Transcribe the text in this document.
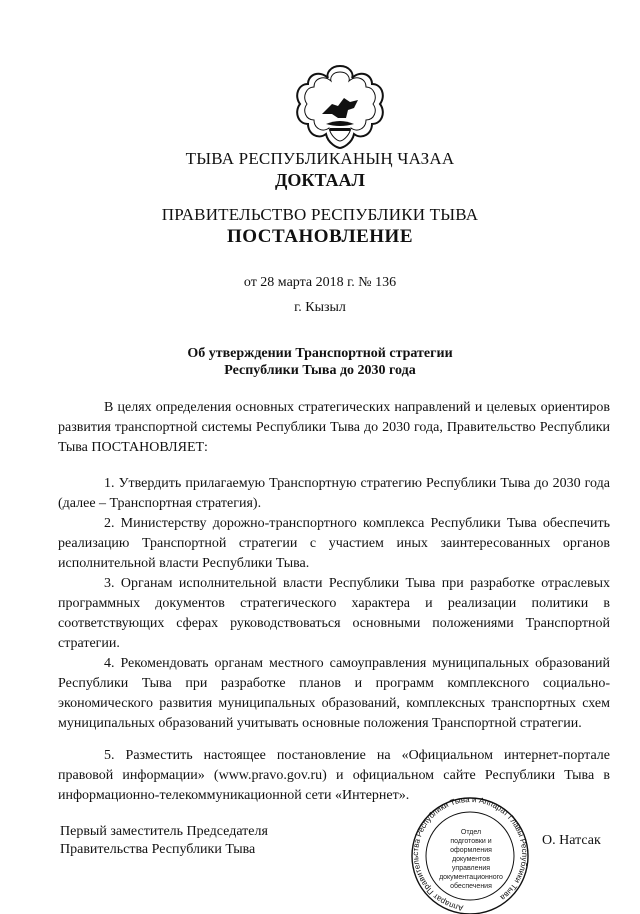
ТЫВА РЕСПУБЛИКАНЫҢ ЧАЗАА
ДОКТААЛ
ПРАВИТЕЛЬСТВО РЕСПУБЛИКИ ТЫВА
ПОСТАНОВЛЕНИЕ
от 28 марта 2018 г. № 136
г. Кызыл
Об утверждении Транспортной стратегии
Республики Тыва до 2030 года
В целях определения основных стратегических направлений и целевых ориентиров развития транспортной системы Республики Тыва до 2030 года, Правительство Республики Тыва ПОСТАНОВЛЯЕТ:
1. Утвердить прилагаемую Транспортную стратегию Республики Тыва до 2030 года (далее – Транспортная стратегия).
2. Министерству дорожно-транспортного комплекса Республики Тыва обеспечить реализацию Транспортной стратегии с участием иных заинтересованных органов исполнительной власти Республики Тыва.
3. Органам исполнительной власти Республики Тыва при разработке отраслевых программных документов стратегического характера и реализации политики в соответствующих сферах руководствоваться основными положениями Транспортной стратегии.
4. Рекомендовать органам местного самоуправления муниципальных образований Республики Тыва при разработке планов и программ комплексного социально-экономического развития муниципальных образований, комплексных транспортных схем муниципальных образований учитывать основные положения Транспортной стратегии.
5. Разместить настоящее постановление на «Официальном интернет-портале правовой информации» (www.pravo.gov.ru) и официальном сайте Республики Тыва в информационно-телекоммуникационной сети «Интернет».
Первый заместитель Председателя
Правительства Республики Тыва
Аппарат Правительства Республики Тыва и Аппарат Главы Республики Тыва
Отдел
подготовки и
оформления документов
управления
документационного
обеспечения
О. Натсак
